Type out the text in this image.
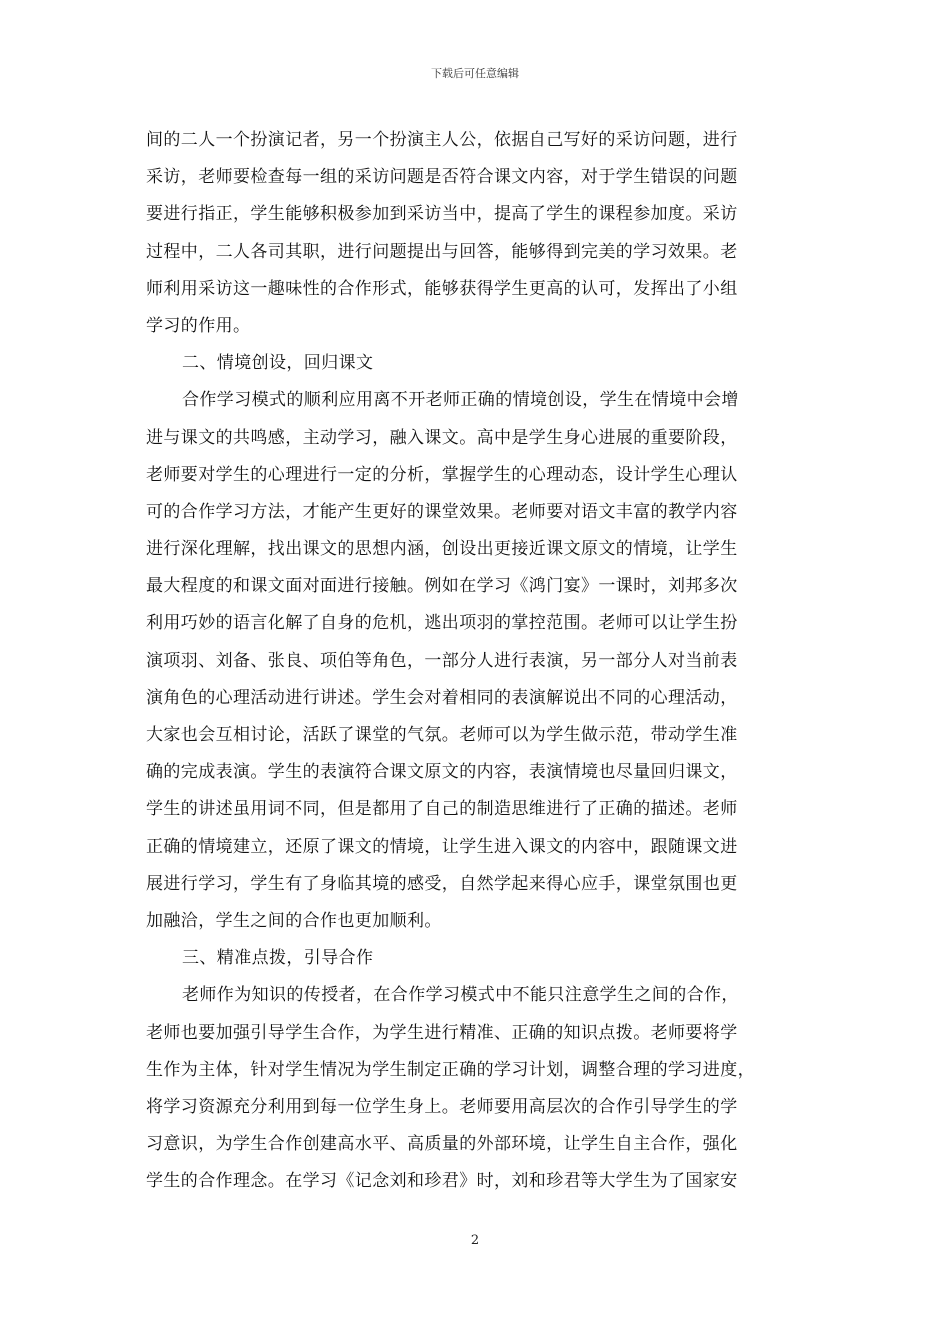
下载后可任意编辑
间的二人一个扮演记者，另一个扮演主人公，依据自己写好的采访问题，进行
采访，老师要检查每一组的采访问题是否符合课文内容，对于学生错误的问题
要进行指正，学生能够积极参加到采访当中，提高了学生的课程参加度。采访
过程中，二人各司其职，进行问题提出与回答，能够得到完美的学习效果。老
师利用采访这一趣味性的合作形式，能够获得学生更高的认可，发挥出了小组
学习的作用。
二、情境创设，回归课文
合作学习模式的顺利应用离不开老师正确的情境创设，学生在情境中会增
进与课文的共鸣感，主动学习，融入课文。高中是学生身心进展的重要阶段，
老师要对学生的心理进行一定的分析，掌握学生的心理动态，设计学生心理认
可的合作学习方法，才能产生更好的课堂效果。老师要对语文丰富的教学内容
进行深化理解，找出课文的思想内涵，创设出更接近课文原文的情境，让学生
最大程度的和课文面对面进行接触。例如在学习《鸿门宴》一课时，刘邦多次
利用巧妙的语言化解了自身的危机，逃出项羽的掌控范围。老师可以让学生扮
演项羽、刘备、张良、项伯等角色，一部分人进行表演，另一部分人对当前表
演角色的心理活动进行讲述。学生会对着相同的表演解说出不同的心理活动，
大家也会互相讨论，活跃了课堂的气氛。老师可以为学生做示范，带动学生准
确的完成表演。学生的表演符合课文原文的内容，表演情境也尽量回归课文，
学生的讲述虽用词不同，但是都用了自己的制造思维进行了正确的描述。老师
正确的情境建立，还原了课文的情境，让学生进入课文的内容中，跟随课文进
展进行学习，学生有了身临其境的感受，自然学起来得心应手，课堂氛围也更
加融洽，学生之间的合作也更加顺利。
三、精准点拨，引导合作
老师作为知识的传授者，在合作学习模式中不能只注意学生之间的合作，
老师也要加强引导学生合作，为学生进行精准、正确的知识点拨。老师要将学
生作为主体，针对学生情况为学生制定正确的学习计划，调整合理的学习进度，
将学习资源充分利用到每一位学生身上。老师要用高层次的合作引导学生的学
习意识，为学生合作创建高水平、高质量的外部环境，让学生自主合作，强化
学生的合作理念。在学习《记念刘和珍君》时，刘和珍君等大学生为了国家安
2
